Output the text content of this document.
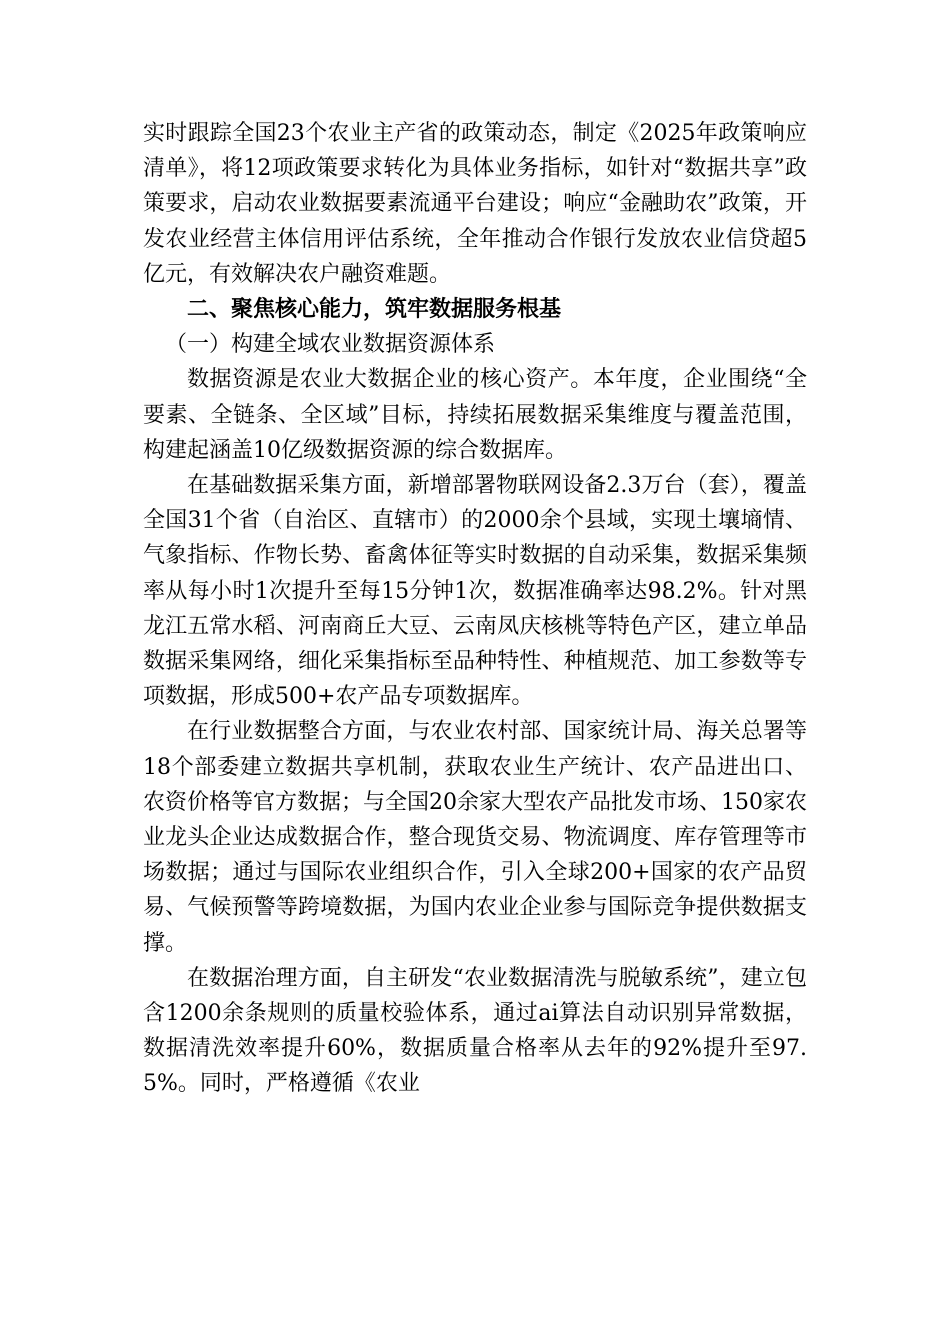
实时跟踪全国23个农业主产省的政策动态，制定《2025年政策响应清单》，将12项政策要求转化为具体业务指标，如针对“数据共享”政策要求，启动农业数据要素流通平台建设；响应“金融助农”政策，开发农业经营主体信用评估系统，全年推动合作银行发放农业信贷超5亿元，有效解决农户融资难题。

二、聚焦核心能力，筑牢数据服务根基

（一）构建全域农业数据资源体系

数据资源是农业大数据企业的核心资产。本年度，企业围绕“全要素、全链条、全区域”目标，持续拓展数据采集维度与覆盖范围，构建起涵盖10亿级数据资源的综合数据库。

在基础数据采集方面，新增部署物联网设备2.3万台（套），覆盖全国31个省（自治区、直辖市）的2000余个县域，实现土壤墒情、气象指标、作物长势、畜禽体征等实时数据的自动采集，数据采集频率从每小时1次提升至每15分钟1次，数据准确率达98.2%。针对黑龙江五常水稻、河南商丘大豆、云南凤庆核桃等特色产区，建立单品数据采集网络，细化采集指标至品种特性、种植规范、加工参数等专项数据，形成500+农产品专项数据库。

在行业数据整合方面，与农业农村部、国家统计局、海关总署等18个部委建立数据共享机制，获取农业生产统计、农产品进出口、农资价格等官方数据；与全国20余家大型农产品批发市场、150家农业龙头企业达成数据合作，整合现货交易、物流调度、库存管理等市场数据；通过与国际农业组织合作，引入全球200+国家的农产品贸易、气候预警等跨境数据，为国内农业企业参与国际竞争提供数据支撑。

在数据治理方面，自主研发“农业数据清洗与脱敏系统”，建立包含1200余条规则的质量校验体系，通过ai算法自动识别异常数据，数据清洗效率提升60%，数据质量合格率从去年的92%提升至97.5%。同时，严格遵循《农业
